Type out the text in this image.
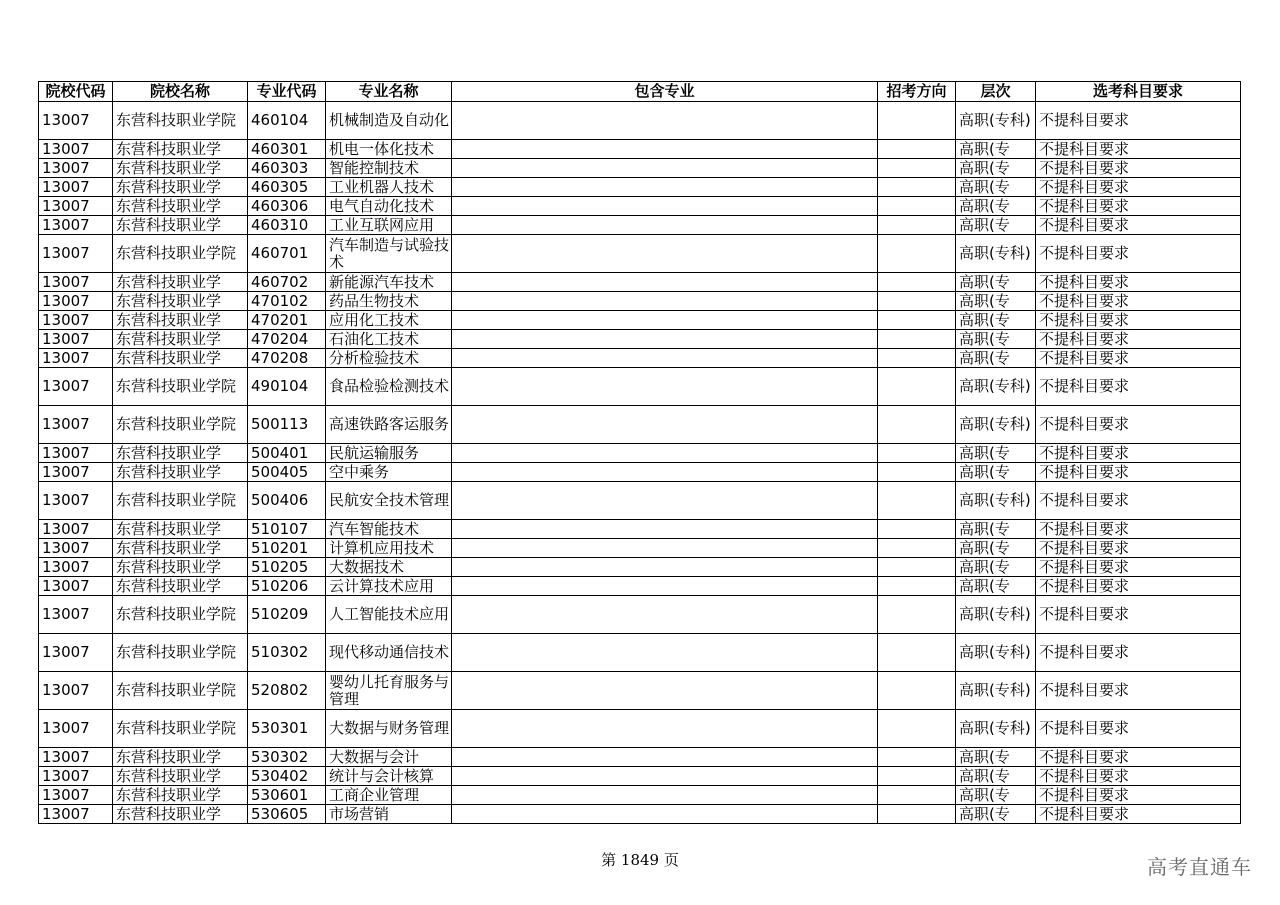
院校代码	院校名称	专业代码	专业名称	包含专业	招考方向	层次	选考科目要求
13007	东营科技职业学院	460104	机械制造及自动化			高职(专科)	不提科目要求
13007	东营科技职业学	460301	机电一体化技术			高职(专	不提科目要求
13007	东营科技职业学	460303	智能控制技术			高职(专	不提科目要求
13007	东营科技职业学	460305	工业机器人技术			高职(专	不提科目要求
13007	东营科技职业学	460306	电气自动化技术			高职(专	不提科目要求
13007	东营科技职业学	460310	工业互联网应用			高职(专	不提科目要求
13007	东营科技职业学院	460701	汽车制造与试验技术			高职(专科)	不提科目要求
13007	东营科技职业学	460702	新能源汽车技术			高职(专	不提科目要求
13007	东营科技职业学	470102	药品生物技术			高职(专	不提科目要求
13007	东营科技职业学	470201	应用化工技术			高职(专	不提科目要求
13007	东营科技职业学	470204	石油化工技术			高职(专	不提科目要求
13007	东营科技职业学	470208	分析检验技术			高职(专	不提科目要求
13007	东营科技职业学院	490104	食品检验检测技术			高职(专科)	不提科目要求
13007	东营科技职业学院	500113	高速铁路客运服务			高职(专科)	不提科目要求
13007	东营科技职业学	500401	民航运输服务			高职(专	不提科目要求
13007	东营科技职业学	500405	空中乘务			高职(专	不提科目要求
13007	东营科技职业学院	500406	民航安全技术管理			高职(专科)	不提科目要求
13007	东营科技职业学	510107	汽车智能技术			高职(专	不提科目要求
13007	东营科技职业学	510201	计算机应用技术			高职(专	不提科目要求
13007	东营科技职业学	510205	大数据技术			高职(专	不提科目要求
13007	东营科技职业学	510206	云计算技术应用			高职(专	不提科目要求
13007	东营科技职业学院	510209	人工智能技术应用			高职(专科)	不提科目要求
13007	东营科技职业学院	510302	现代移动通信技术			高职(专科)	不提科目要求
13007	东营科技职业学院	520802	婴幼儿托育服务与管理			高职(专科)	不提科目要求
13007	东营科技职业学院	530301	大数据与财务管理			高职(专科)	不提科目要求
13007	东营科技职业学	530302	大数据与会计			高职(专	不提科目要求
13007	东营科技职业学	530402	统计与会计核算			高职(专	不提科目要求
13007	东营科技职业学	530601	工商企业管理			高职(专	不提科目要求
13007	东营科技职业学	530605	市场营销			高职(专	不提科目要求
第 1849 页	高考直通车
